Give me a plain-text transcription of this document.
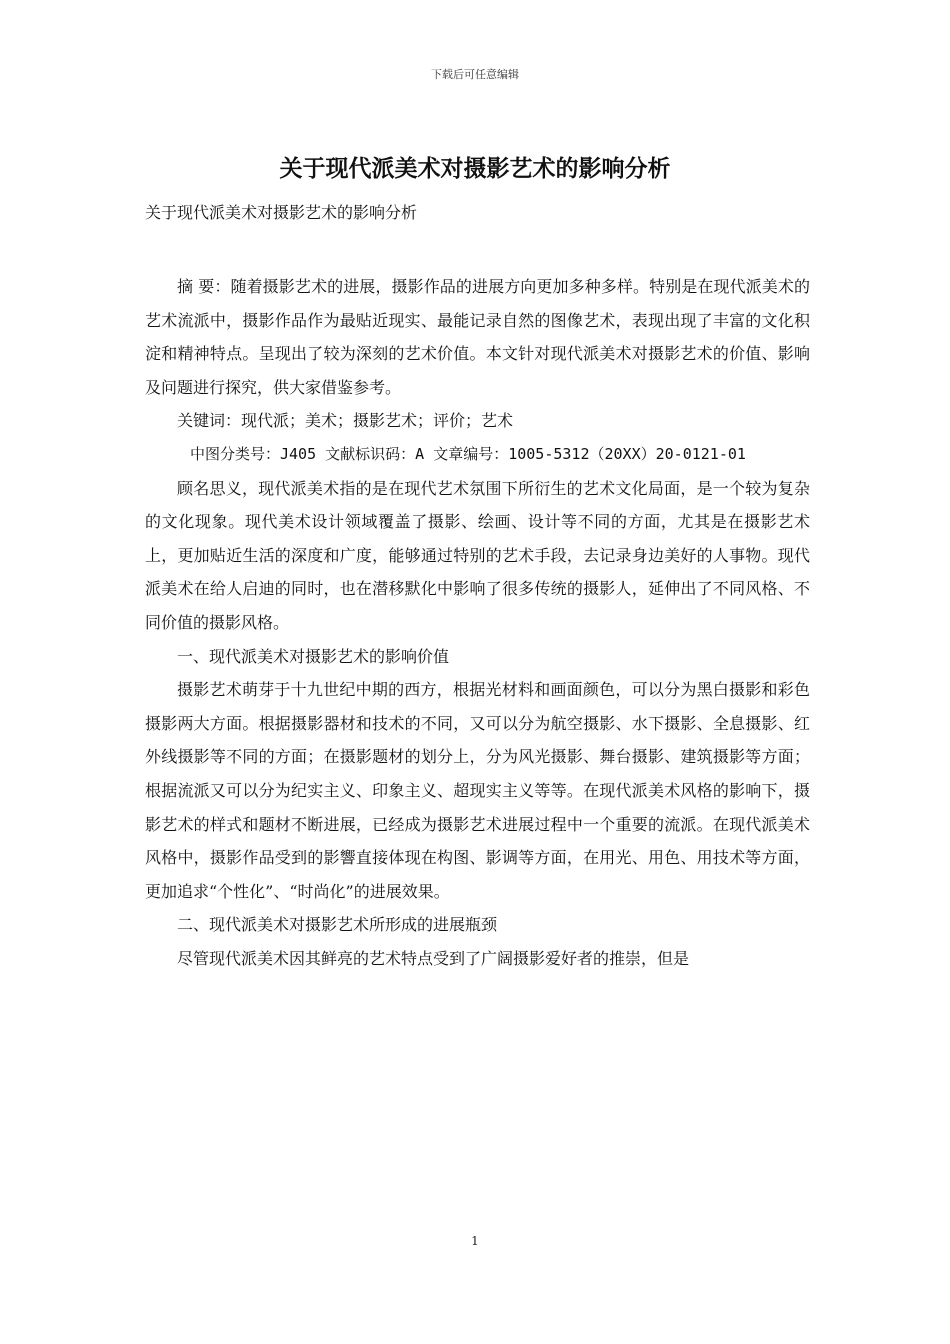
下载后可任意编辑
关于现代派美术对摄影艺术的影响分析
关于现代派美术对摄影艺术的影响分析

摘 要：随着摄影艺术的进展，摄影作品的进展方向更加多种多样。特别是在现代派美术的艺术流派中，摄影作品作为最贴近现实、最能记录自然的图像艺术，表现出现了丰富的文化积淀和精神特点。呈现出了较为深刻的艺术价值。本文针对现代派美术对摄影艺术的价值、影响及问题进行探究，供大家借鉴参考。

关键词：现代派；美术；摄影艺术；评价；艺术

中图分类号：J405 文献标识码：A 文章编号：1005-5312（20XX）20-0121-01

顾名思义，现代派美术指的是在现代艺术氛围下所衍生的艺术文化局面，是一个较为复杂的文化现象。现代美术设计领域覆盖了摄影、绘画、设计等不同的方面，尤其是在摄影艺术上，更加贴近生活的深度和广度，能够通过特别的艺术手段，去记录身边美好的人事物。现代派美术在给人启迪的同时，也在潜移默化中影响了很多传统的摄影人，延伸出了不同风格、不同价值的摄影风格。

一、现代派美术对摄影艺术的影响价值

摄影艺术萌芽于十九世纪中期的西方，根据光材料和画面颜色，可以分为黑白摄影和彩色摄影两大方面。根据摄影器材和技术的不同，又可以分为航空摄影、水下摄影、全息摄影、红外线摄影等不同的方面；在摄影题材的划分上，分为风光摄影、舞台摄影、建筑摄影等方面；根据流派又可以分为纪实主义、印象主义、超现实主义等等。在现代派美术风格的影响下，摄影艺术的样式和题材不断进展，已经成为摄影艺术进展过程中一个重要的流派。在现代派美术风格中，摄影作品受到的影響直接体现在构图、影调等方面，在用光、用色、用技术等方面，更加追求“个性化”、“时尚化”的进展效果。

二、现代派美术对摄影艺术所形成的进展瓶颈

尽管现代派美术因其鲜亮的艺术特点受到了广阔摄影爱好者的推崇，但是

1
